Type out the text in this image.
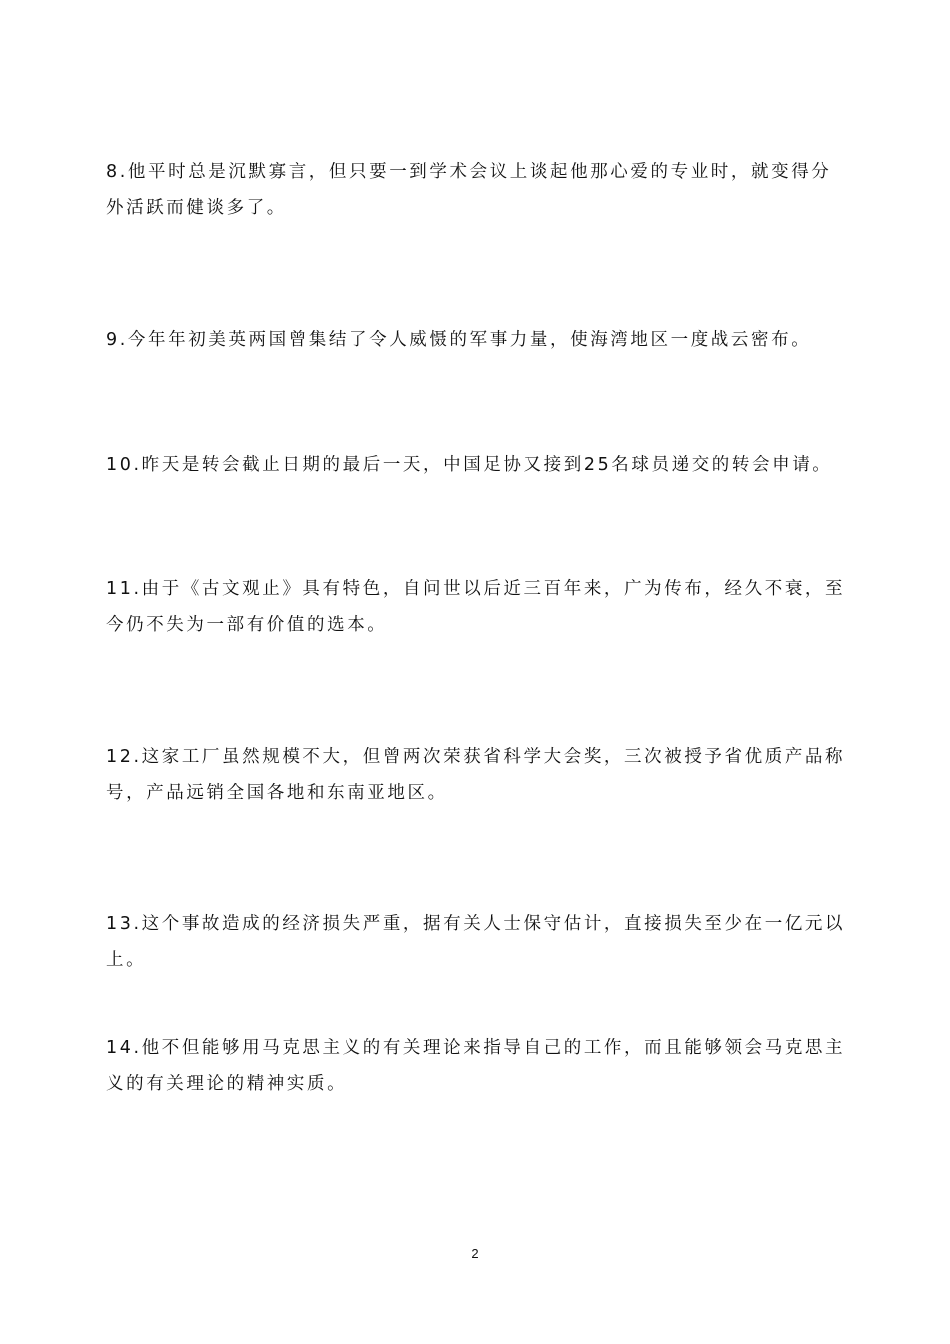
8.他平时总是沉默寡言，但只要一到学术会议上谈起他那心爱的专业时，就变得分外活跃而健谈多了。

9.今年年初美英两国曾集结了令人威慑的军事力量，使海湾地区一度战云密布。

10.昨天是转会截止日期的最后一天，中国足协又接到25名球员递交的转会申请。

11.由于《古文观止》具有特色，自问世以后近三百年来，广为传布，经久不衰，至今仍不失为一部有价值的选本。

12.这家工厂虽然规模不大，但曾两次荣获省科学大会奖，三次被授予省优质产品称号，产品远销全国各地和东南亚地区。

13.这个事故造成的经济损失严重，据有关人士保守估计，直接损失至少在一亿元以上。

14.他不但能够用马克思主义的有关理论来指导自己的工作，而且能够领会马克思主义的有关理论的精神实质。

2
